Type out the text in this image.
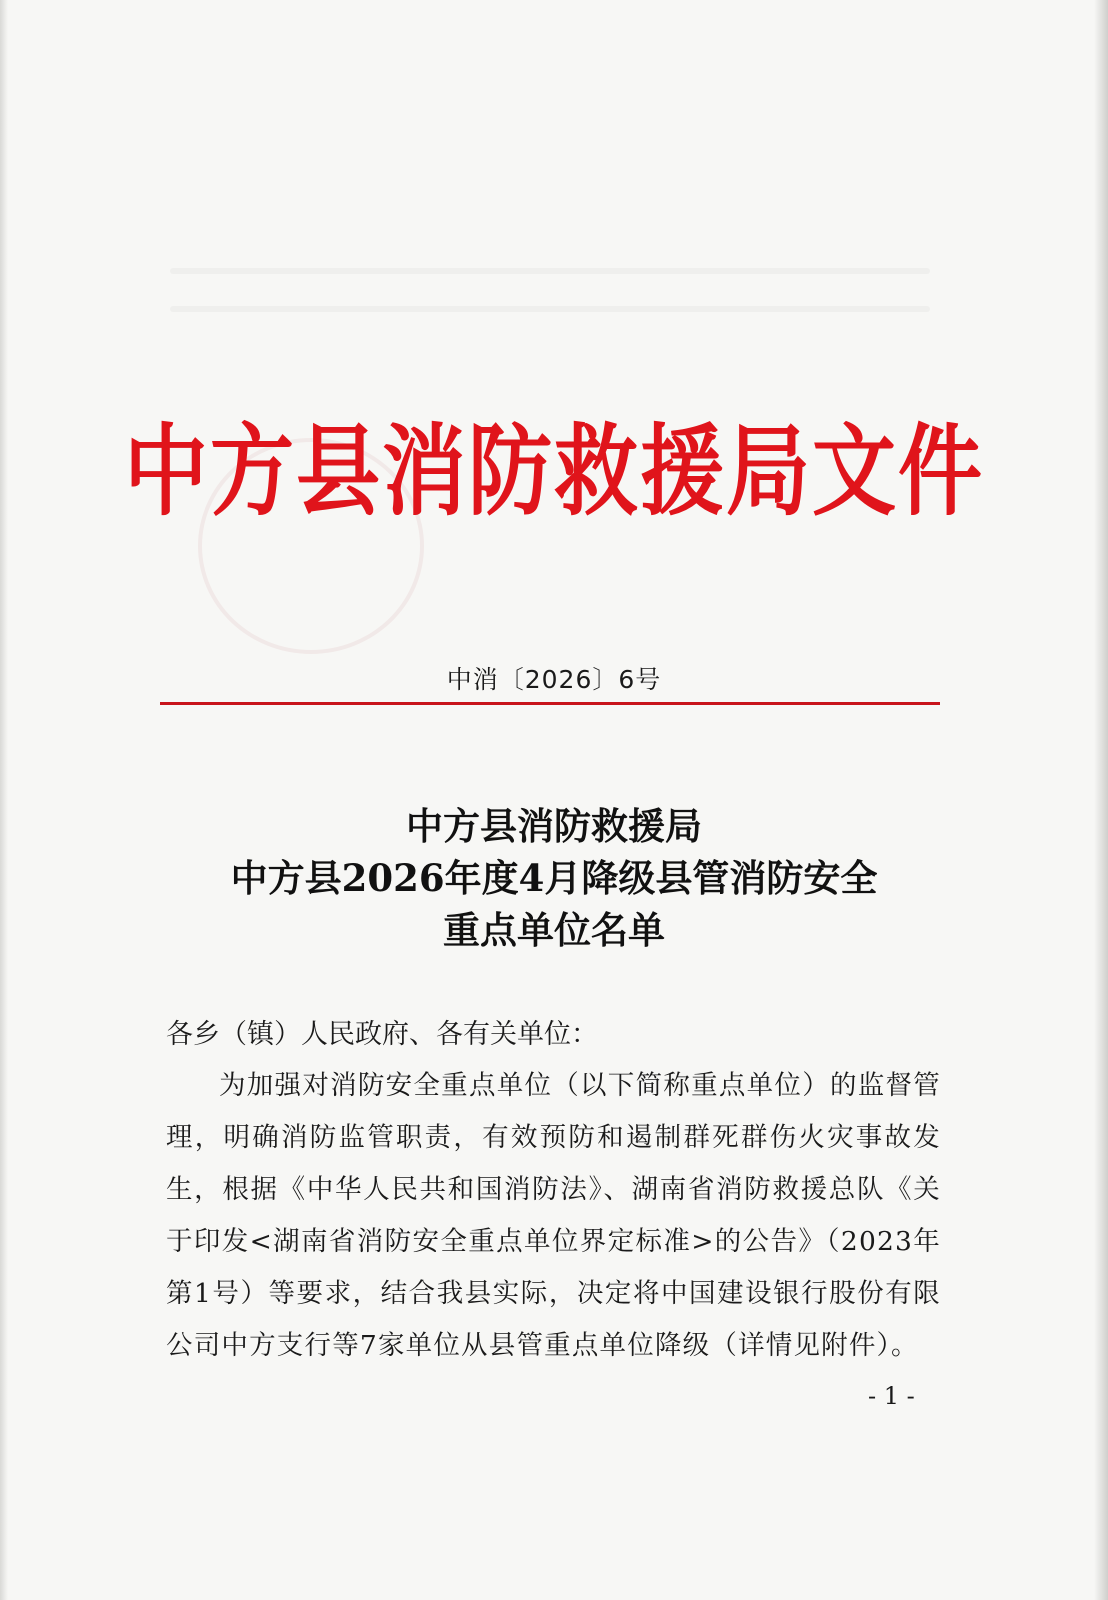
中方县消防救援局文件
中消〔2026〕6号
中方县消防救援局
中方县2026年度4月降级县管消防安全
重点单位名单
各乡（镇）人民政府、各有关单位：
为加强对消防安全重点单位（以下简称重点单位）的监督管理，明确消防监管职责，有效预防和遏制群死群伤火灾事故发生，根据《中华人民共和国消防法》、湖南省消防救援总队《关于印发<湖南省消防安全重点单位界定标准>的公告》（2023年第1号）等要求，结合我县实际，决定将中国建设银行股份有限公司中方支行等7家单位从县管重点单位降级（详情见附件）。
- 1 -
